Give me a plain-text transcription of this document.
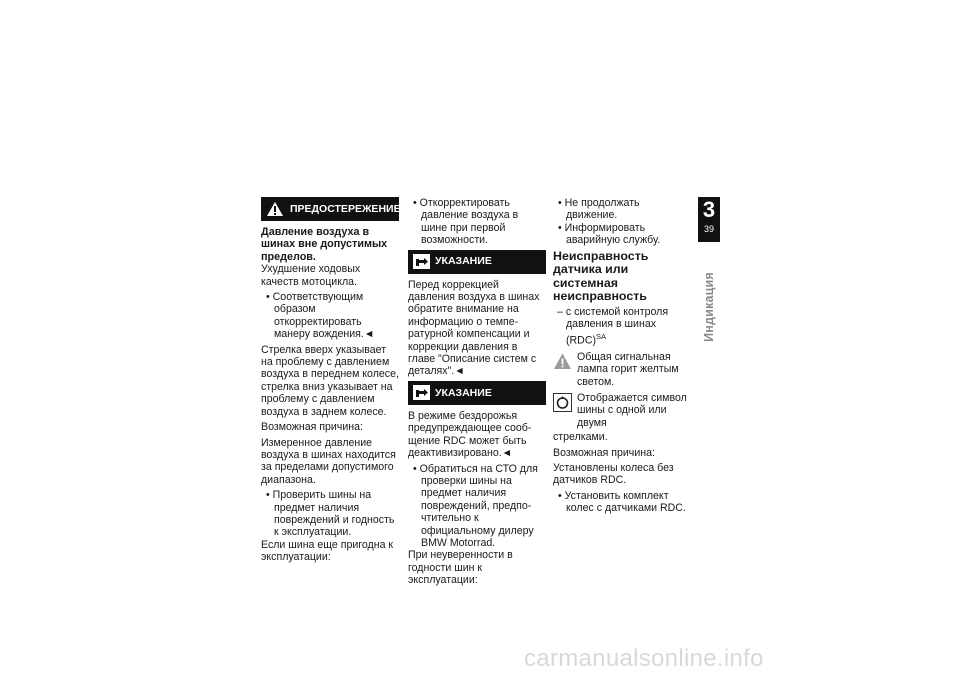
ПРЕДОСТЕРЕЖЕНИЕ
Давление воздуха в шинах вне допустимых пределов.

Ухудшение ходовых качеств мотоцикла.

• Соответствующим образом откорректировать манеру вождения.◄

Стрелка вверх указывает на проблему с давлением воздуха в переднем колесе, стрелка вниз указывает на проблему с давлением воздуха в заднем колесе.

Возможная причина:

Измеренное давление воздуха в шинах находится за пределами допустимого диапазона.

• Проверить шины на предмет наличия повреждений и годность к эксплуатации.

Если шина еще пригодна к эксплуатации:

• Откорректировать давление воздуха в шине при первой возможности.

УКАЗАНИЕ

Перед коррекцией давления воздуха в шинах обратите внимание на информацию о температурной компенсации и коррекции давления в главе "Описание систем с деталях".◄

УКАЗАНИЕ

В режиме бездорожья предупреждающее сообщение RDC может быть деактивизировано.◄

• Обратиться на СТО для проверки шины на предмет наличия повреждений, предпочтительно к официальному дилеру BMW Motorrad.

При неуверенности в годности шин к эксплуатации:

• Не продолжать движение.

• Информировать аварийную службу.

Неисправность датчика или системная неисправность

– с системой контроля давления в шинах (RDC)$^{SA}$

Общая сигнальная лампа горит желтым светом.
Отображается символ шины с одной или двумя

стрелками.

Возможная причина:

Установлены колеса без датчиков RDC.

• Установить комплект колес с датчиками RDC.

3
39
Индикация
carmanualsonline.info
